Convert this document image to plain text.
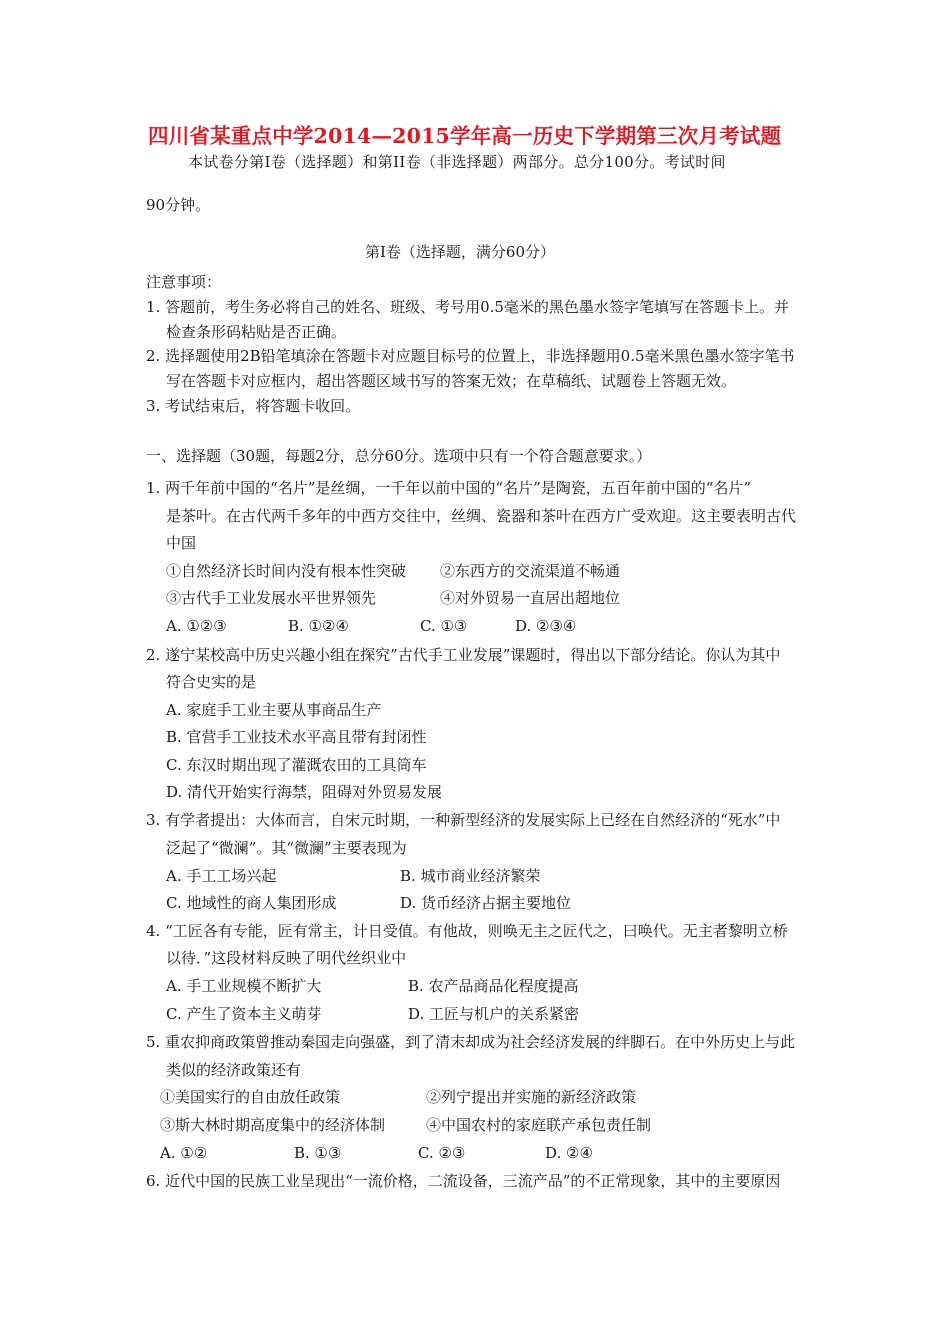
四川省某重点中学2014—2015学年高一历史下学期第三次月考试题
本试卷分第Ⅰ卷（选择题）和第II卷（非选择题）两部分。总分100分。考试时间
90分钟。
第Ⅰ卷（选择题，满分60分）
注意事项：
1. 答题前，考生务必将自己的姓名、班级、考号用0.5毫米的黑色墨水签字笔填写在答题卡上。并
检查条形码粘贴是否正确。
2. 选择题使用2B铅笔填涂在答题卡对应题目标号的位置上，非选择题用0.5毫米黑色墨水签字笔书
写在答题卡对应框内，超出答题区域书写的答案无效；在草稿纸、试题卷上答题无效。
3. 考试结束后，将答题卡收回。
一、选择题（30题，每题2分，总分60分。选项中只有一个符合题意要求。）
1. 两千年前中国的“名片”是丝绸，一千年以前中国的“名片”是陶瓷，五百年前中国的“名片”
是茶叶。在古代两千多年的中西方交往中，丝绸、瓷器和茶叶在西方广受欢迎。这主要表明古代
中国
①自然经济长时间内没有根本性突破 ②东西方的交流渠道不畅通
③古代手工业发展水平世界领先	④对外贸易一直居出超地位
A. ①②③	B. ①②④	C. ①③	D. ②③④
2. 遂宁某校高中历史兴趣小组在探究”古代手工业发展”课题时，得出以下部分结论。你认为其中
符合史实的是
A. 家庭手工业主要从事商品生产
B. 官营手工业技术水平高且带有封闭性
C. 东汉时期出现了灌溉农田的工具筒车
D. 清代开始实行海禁，阻碍对外贸易发展
3. 有学者提出：大体而言，自宋元时期，一种新型经济的发展实际上已经在自然经济的“死水”中
泛起了“微澜”。其“微澜”主要表现为
A. 手工工场兴起	B. 城市商业经济繁荣
C. 地域性的商人集团形成	D. 货币经济占据主要地位
4. “工匠各有专能，匠有常主，计日受值。有他故，则唤无主之匠代之，曰唤代。无主者黎明立桥
以待．”这段材料反映了明代丝织业中
A. 手工业规模不断扩大	B. 农产品商品化程度提高
C. 产生了资本主义萌芽	D. 工匠与机户的关系紧密
5. 重农抑商政策曾推动秦国走向强盛，到了清末却成为社会经济发展的绊脚石。在中外历史上与此
类似的经济政策还有
①美国实行的自由放任政策	②列宁提出并实施的新经济政策
③斯大林时期高度集中的经济体制	④中国农村的家庭联产承包责任制
A. ①②	B. ①③	C. ②③	D. ②④
6. 近代中国的民族工业呈现出“一流价格，二流设备，三流产品”的不正常现象，其中的主要原因
